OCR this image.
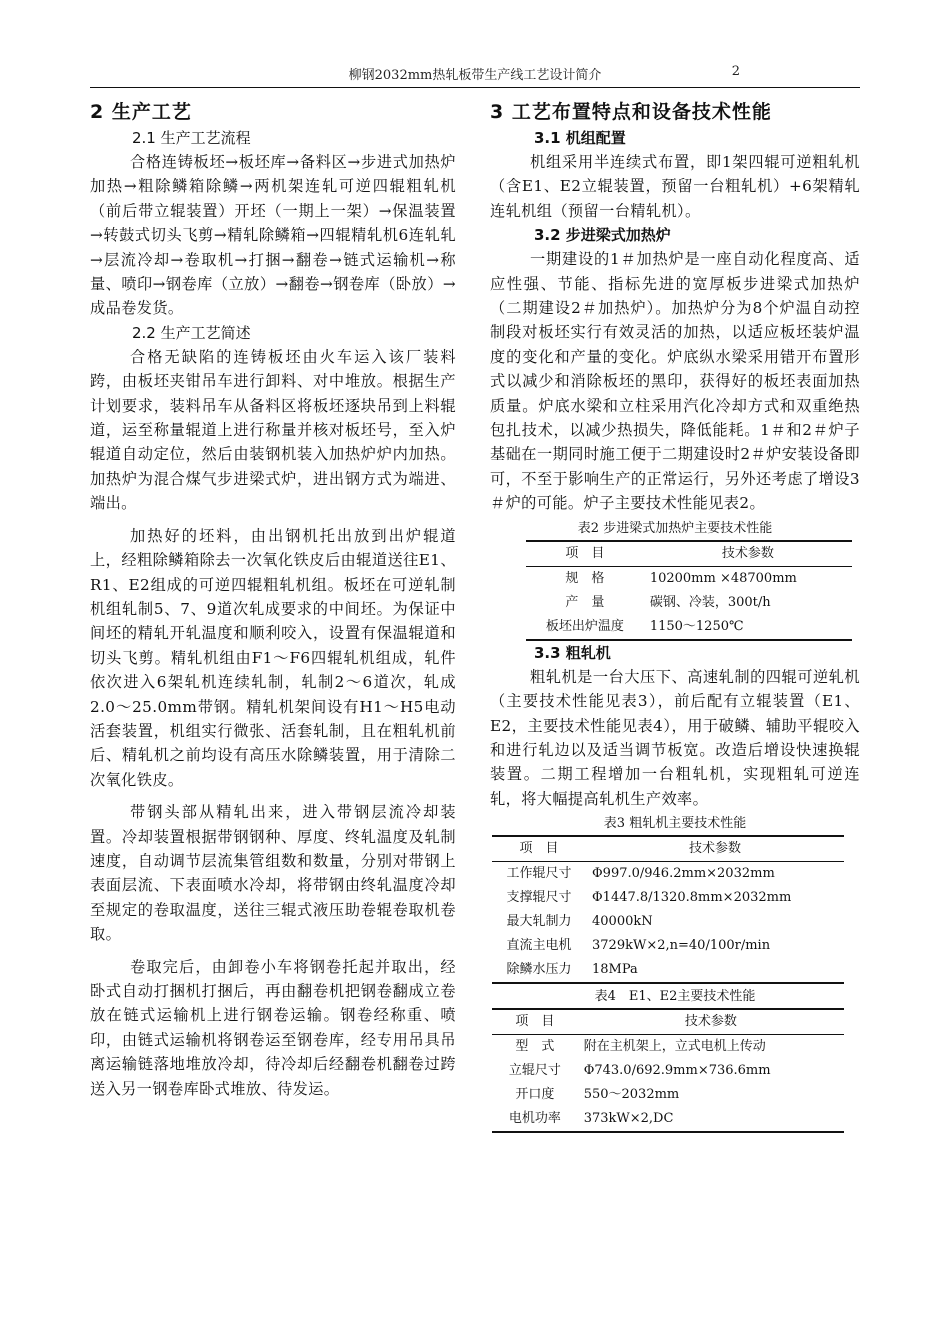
柳钢2032mm热轧板带生产线工艺设计简介	2
2 生产工艺
2.1 生产工艺流程

合格连铸板坯→板坯库→备料区→步进式加热炉加热→粗除鳞箱除鳞→两机架连轧可逆四辊粗轧机（前后带立辊装置）开坯（一期上一架）→保温装置→转鼓式切头飞剪→精轧除鳞箱→四辊精轧机6连轧轧→层流冷却→卷取机→打捆→翻卷→链式运输机→称量、喷印→钢卷库（立放）→翻卷→钢卷库（卧放）→成品卷发货。

2.2 生产工艺简述

合格无缺陷的连铸板坯由火车运入该厂装料跨，由板坯夹钳吊车进行卸料、对中堆放。根据生产计划要求，装料吊车从备料区将板坯逐块吊到上料辊道，运至称量辊道上进行称量并核对板坯号，至入炉辊道自动定位，然后由装钢机装入加热炉炉内加热。加热炉为混合煤气步进梁式炉，进出钢方式为端进、端出。

加热好的坯料，由出钢机托出放到出炉辊道上，经粗除鳞箱除去一次氧化铁皮后由辊道送往E1、R1、E2组成的可逆四辊粗轧机组。板坯在可逆轧制机组轧制5、7、9道次轧成要求的中间坯。为保证中间坯的精轧开轧温度和顺利咬入，设置有保温辊道和切头飞剪。精轧机组由F1～F6四辊轧机组成，轧件依次进入6架轧机连续轧制，轧制2～6道次，轧成2.0～25.0mm带钢。精轧机架间设有H1～H5电动活套装置，机组实行微张、活套轧制，且在粗轧机前后、精轧机之前均设有高压水除鳞装置，用于清除二次氧化铁皮。

带钢头部从精轧出来，进入带钢层流冷却装置。冷却装置根据带钢钢种、厚度、终轧温度及轧制速度，自动调节层流集管组数和数量，分别对带钢上表面层流、下表面喷水冷却，将带钢由终轧温度冷却至规定的卷取温度，送往三辊式液压助卷辊卷取机卷取。

卷取完后，由卸卷小车将钢卷托起并取出，经卧式自动打捆机打捆后，再由翻卷机把钢卷翻成立卷放在链式运输机上进行钢卷运输。钢卷经称重、喷印，由链式运输机将钢卷运至钢卷库，经专用吊具吊离运输链落地堆放冷却，待冷却后经翻卷机翻卷过跨送入另一钢卷库卧式堆放、待发运。

3 工艺布置特点和设备技术性能
3.1 机组配置

机组采用半连续式布置，即1架四辊可逆粗轧机（含E1、E2立辊装置，预留一台粗轧机）+6架精轧连轧机组（预留一台精轧机）。

3.2 步进梁式加热炉

一期建设的1＃加热炉是一座自动化程度高、适应性强、节能、指标先进的宽厚板步进梁式加热炉（二期建设2＃加热炉）。加热炉分为8个炉温自动控制段对板坯实行有效灵活的加热，以适应板坯装炉温度的变化和产量的变化。炉底纵水梁采用错开布置形式以减少和消除板坯的黑印，获得好的板坯表面加热质量。炉底水梁和立柱采用汽化冷却方式和双重绝热包扎技术，以减少热损失，降低能耗。1＃和2＃炉子基础在一期同时施工便于二期建设时2＃炉安装设备即可，不至于影响生产的正常运行，另外还考虑了增设3＃炉的可能。炉子主要技术性能见表2。

表2 步进梁式加热炉主要技术性能
项　目	技术参数
规　格	10200mm ×48700mm
产　量	碳钢、冷装，300t/h
板坯出炉温度	1150～1250℃
3.3 粗轧机

粗轧机是一台大压下、高速轧制的四辊可逆轧机（主要技术性能见表3），前后配有立辊装置（E1、E2，主要技术性能见表4），用于破鳞、辅助平辊咬入和进行轧边以及适当调节板宽。改造后增设快速换辊装置。二期工程增加一台粗轧机，实现粗轧可逆连轧，将大幅提高轧机生产效率。

表3 粗轧机主要技术性能
项　目	技术参数
工作辊尺寸	Φ997.0/946.2mm×2032mm
支撑辊尺寸	Φ1447.8/1320.8mm×2032mm
最大轧制力	40000kN
直流主电机	3729kW×2,n=40/100r/min
除鳞水压力	18MPa
表4　E1、E2主要技术性能
项　目	技术参数
型　式	附在主机架上，立式电机上传动
立辊尺寸	Φ743.0/692.9mm×736.6mm
开口度	550～2032mm
电机功率	373kW×2,DC
